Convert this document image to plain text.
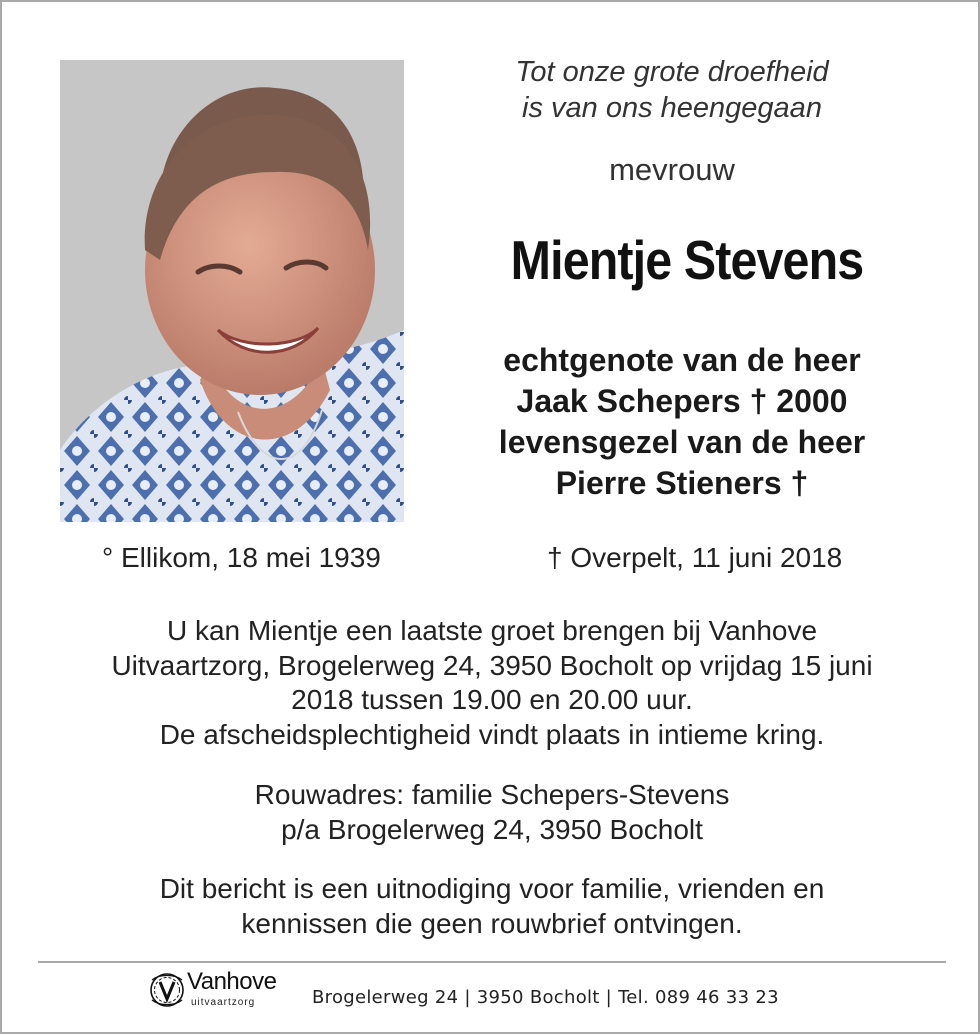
Tot onze grote droefheid
is van ons heengegaan
mevrouw
Mientje Stevens
echtgenote van de heer
Jaak Schepers † 2000
levensgezel van de heer
Pierre Stieners †
° Ellikom, 18 mei 1939	† Overpelt, 11 juni 2018
U kan Mientje een laatste groet brengen bij Vanhove
Uitvaartzorg, Brogelerweg 24, 3950 Bocholt op vrijdag 15 juni
2018 tussen 19.00 en 20.00 uur.
De afscheidsplechtigheid vindt plaats in intieme kring.
Rouwadres: familie Schepers-Stevens
p/a Brogelerweg 24, 3950 Bocholt
Dit bericht is een uitnodiging voor familie, vrienden en
kennissen die geen rouwbrief ontvingen.
Vanhove
uitvaartzorg	Brogelerweg 24 | 3950 Bocholt | Tel. 089 46 33 23
